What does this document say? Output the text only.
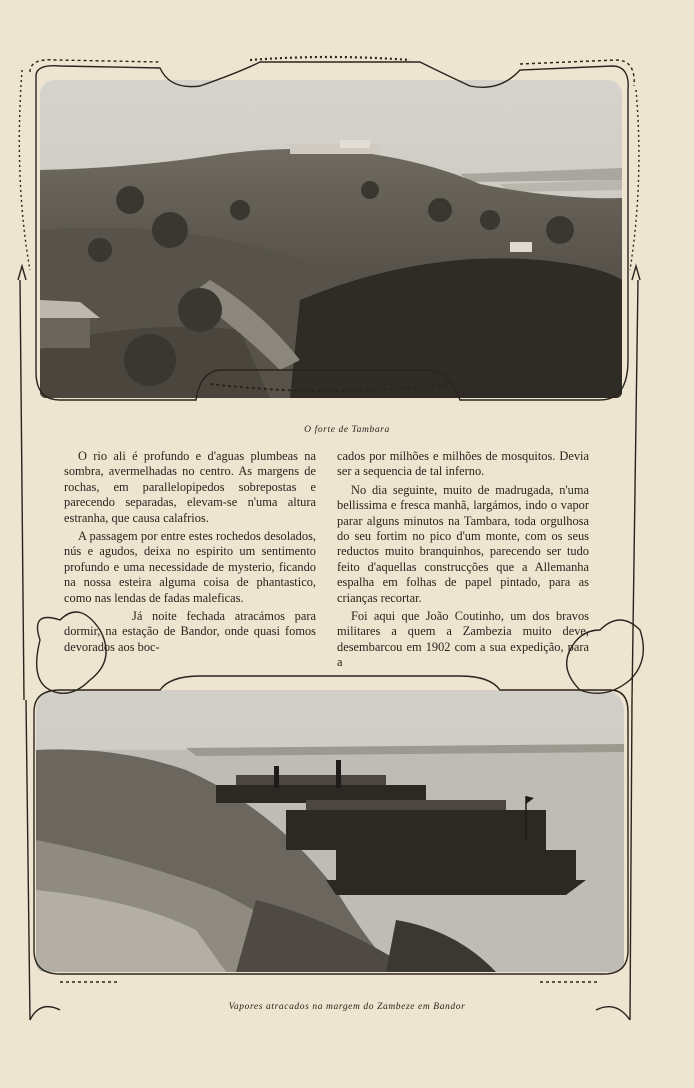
O forte de Tambara

O rio ali é profundo e d'aguas plumbeas na sombra, avermelhadas no centro. As margens de rochas, em parallelopipedos sobrepostas e parecendo separadas, elevam-se n'uma altura estranha, que causa calafrios.

A passagem por entre estes rochedos desolados, nús e agudos, deixa no espirito um sentimento profundo e uma necessidade de mysterio, ficando na nossa esteira alguma coisa de phantastico, como nas lendas de fadas maleficas.

Já noite fechada atracámos para dormir, na estação de Bandor, onde quasi fomos devorados aos boc-

cados por milhões e milhões de mosquitos. Devia ser a sequencia de tal inferno.

No dia seguinte, muito de madrugada, n'uma bellissima e fresca manhã, largámos, indo o vapor parar alguns minutos na Tambara, toda orgulhosa do seu fortim no pico d'um monte, com os seus reductos muito branquinhos, parecendo ser tudo feito d'aquellas construcções que a Allemanha espalha em folhas de papel pintado, para as crianças recortar.

Foi aqui que João Coutinho, um dos bravos militares a quem a Zambezia muito deve, desembarcou em 1902 com a sua expedição, para a

Vapores atracados na margem do Zambeze em Bandor
